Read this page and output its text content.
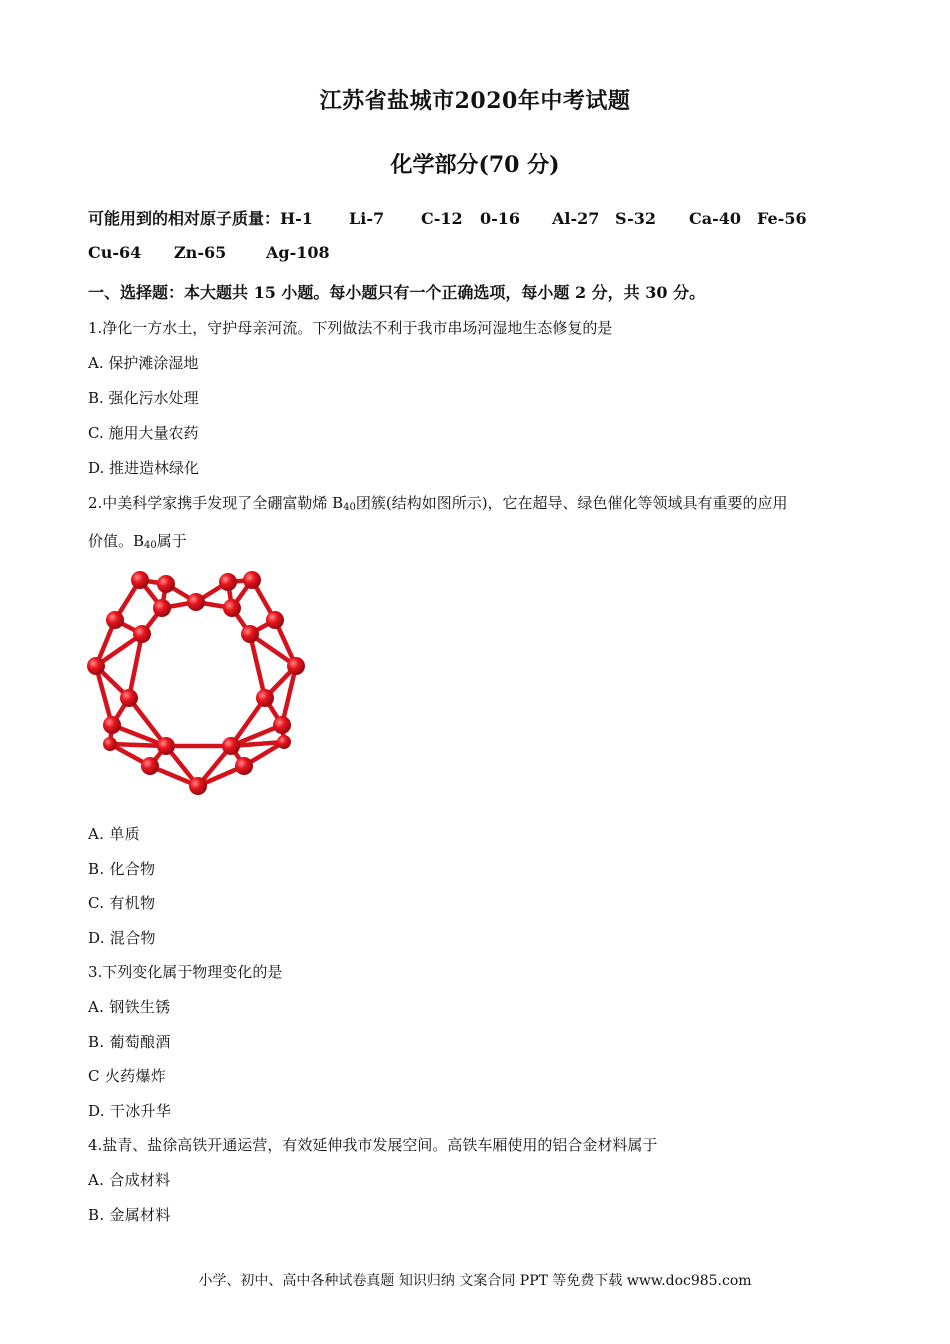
江苏省盐城市2020年中考试题
化学部分(70 分)
可能用到的相对原子质量：H-1 Li-7 C-12 0-16 Al-27 S-32 Ca-40 Fe-56
Cu-64 Zn-65 Ag-108
一、选择题：本大题共 15 小题。每小题只有一个正确选项，每小题 2 分，共 30 分。
1.净化一方水土，守护母亲河流。下列做法不利于我市串场河湿地生态修复的是
A. 保护滩涂湿地
B. 强化污水处理
C. 施用大量农药
D. 推进造林绿化
2.中美科学家携手发现了全硼富勒烯 $B_{40}$团簇(结构如图所示)，它在超导、绿色催化等领域具有重要的应用
价值。$B_{40}$属于
A. 单质
B. 化合物
C. 有机物
D. 混合物
3.下列变化属于物理变化的是
A. 钢铁生锈
B. 葡萄酿酒
C 火药爆炸
D. 干冰升华
4.盐青、盐徐高铁开通运营，有效延伸我市发展空间。高铁车厢使用的铝合金材料属于
A. 合成材料
B. 金属材料
小学、初中、高中各种试卷真题 知识归纳 文案合同 PPT 等免费下载 www.doc985.com
